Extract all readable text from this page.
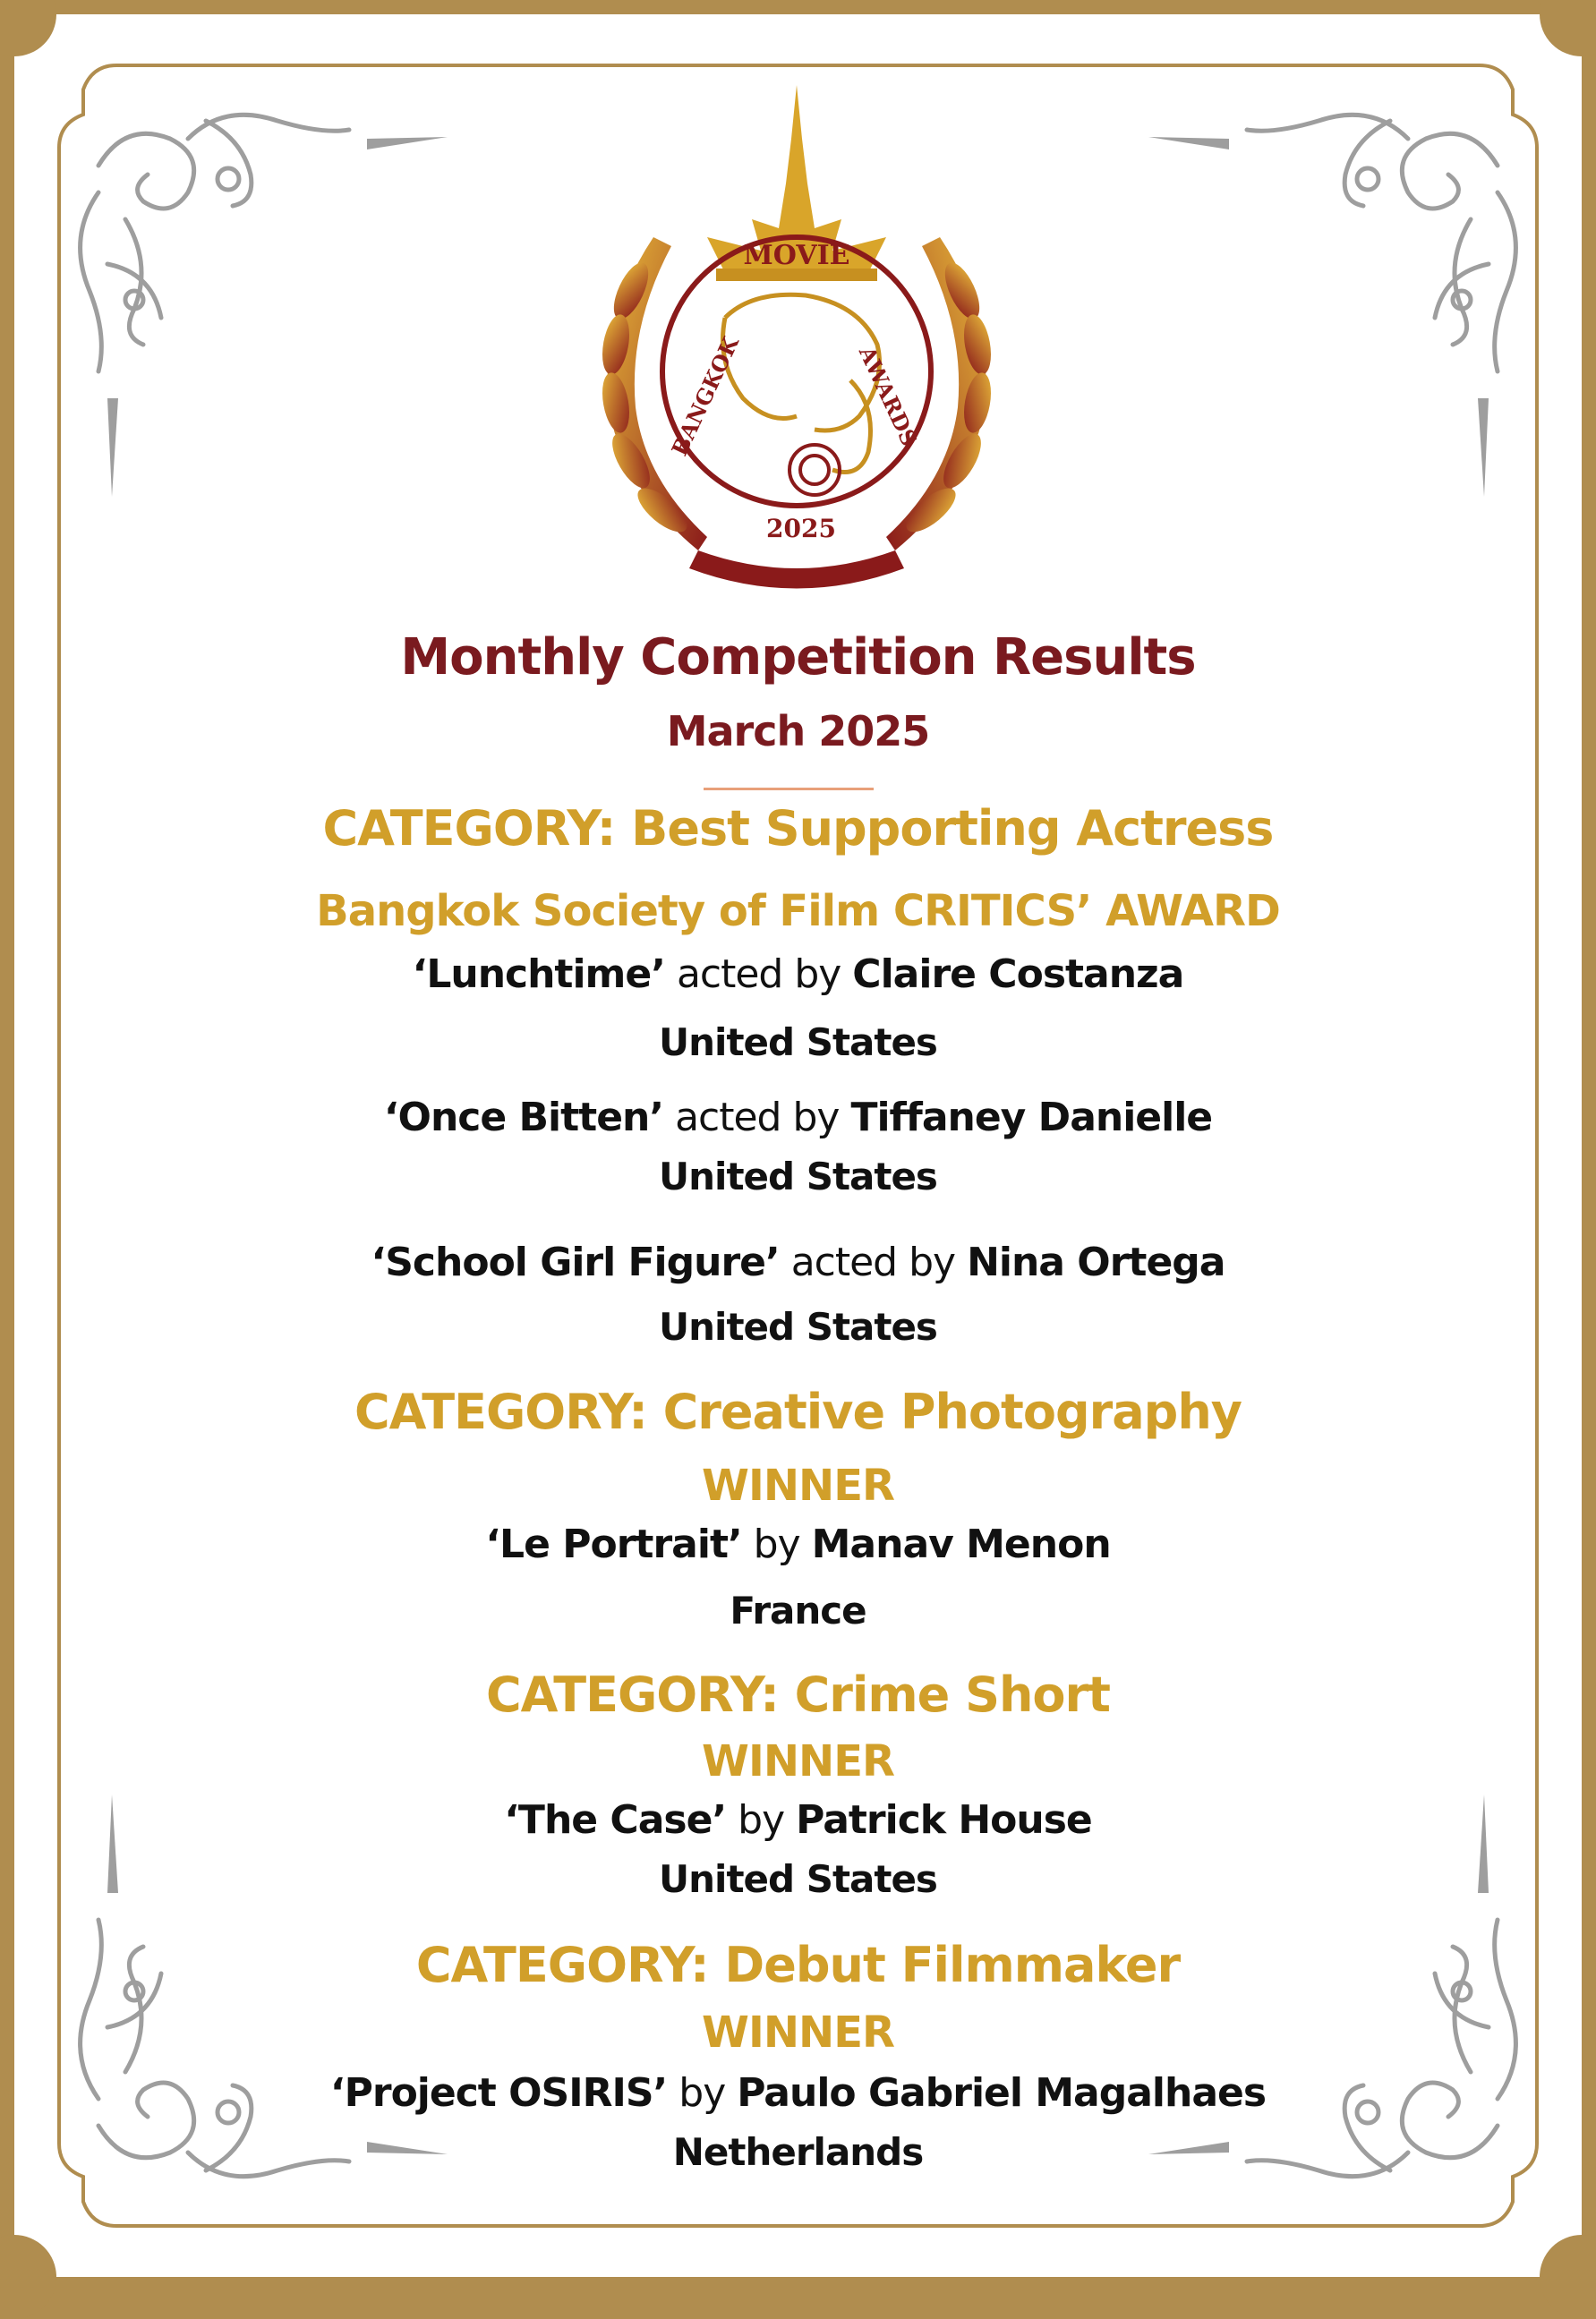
MOVIE
BANGKOK	AWARDS
2025
Monthly Competition Results
March 2025
CATEGORY: Best Supporting Actress
Bangkok Society of Film CRITICS’ AWARD
‘Lunchtime’ acted by Claire Costanza
United States
‘Once Bitten’ acted by Tiffaney Danielle
United States
‘School Girl Figure’ acted by Nina Ortega
United States
CATEGORY: Creative Photography
WINNER
‘Le Portrait’ by Manav Menon
France
CATEGORY: Crime Short
WINNER
‘The Case’ by Patrick House
United States
CATEGORY: Debut Filmmaker
WINNER
‘Project OSIRIS’ by Paulo Gabriel Magalhaes
Netherlands
